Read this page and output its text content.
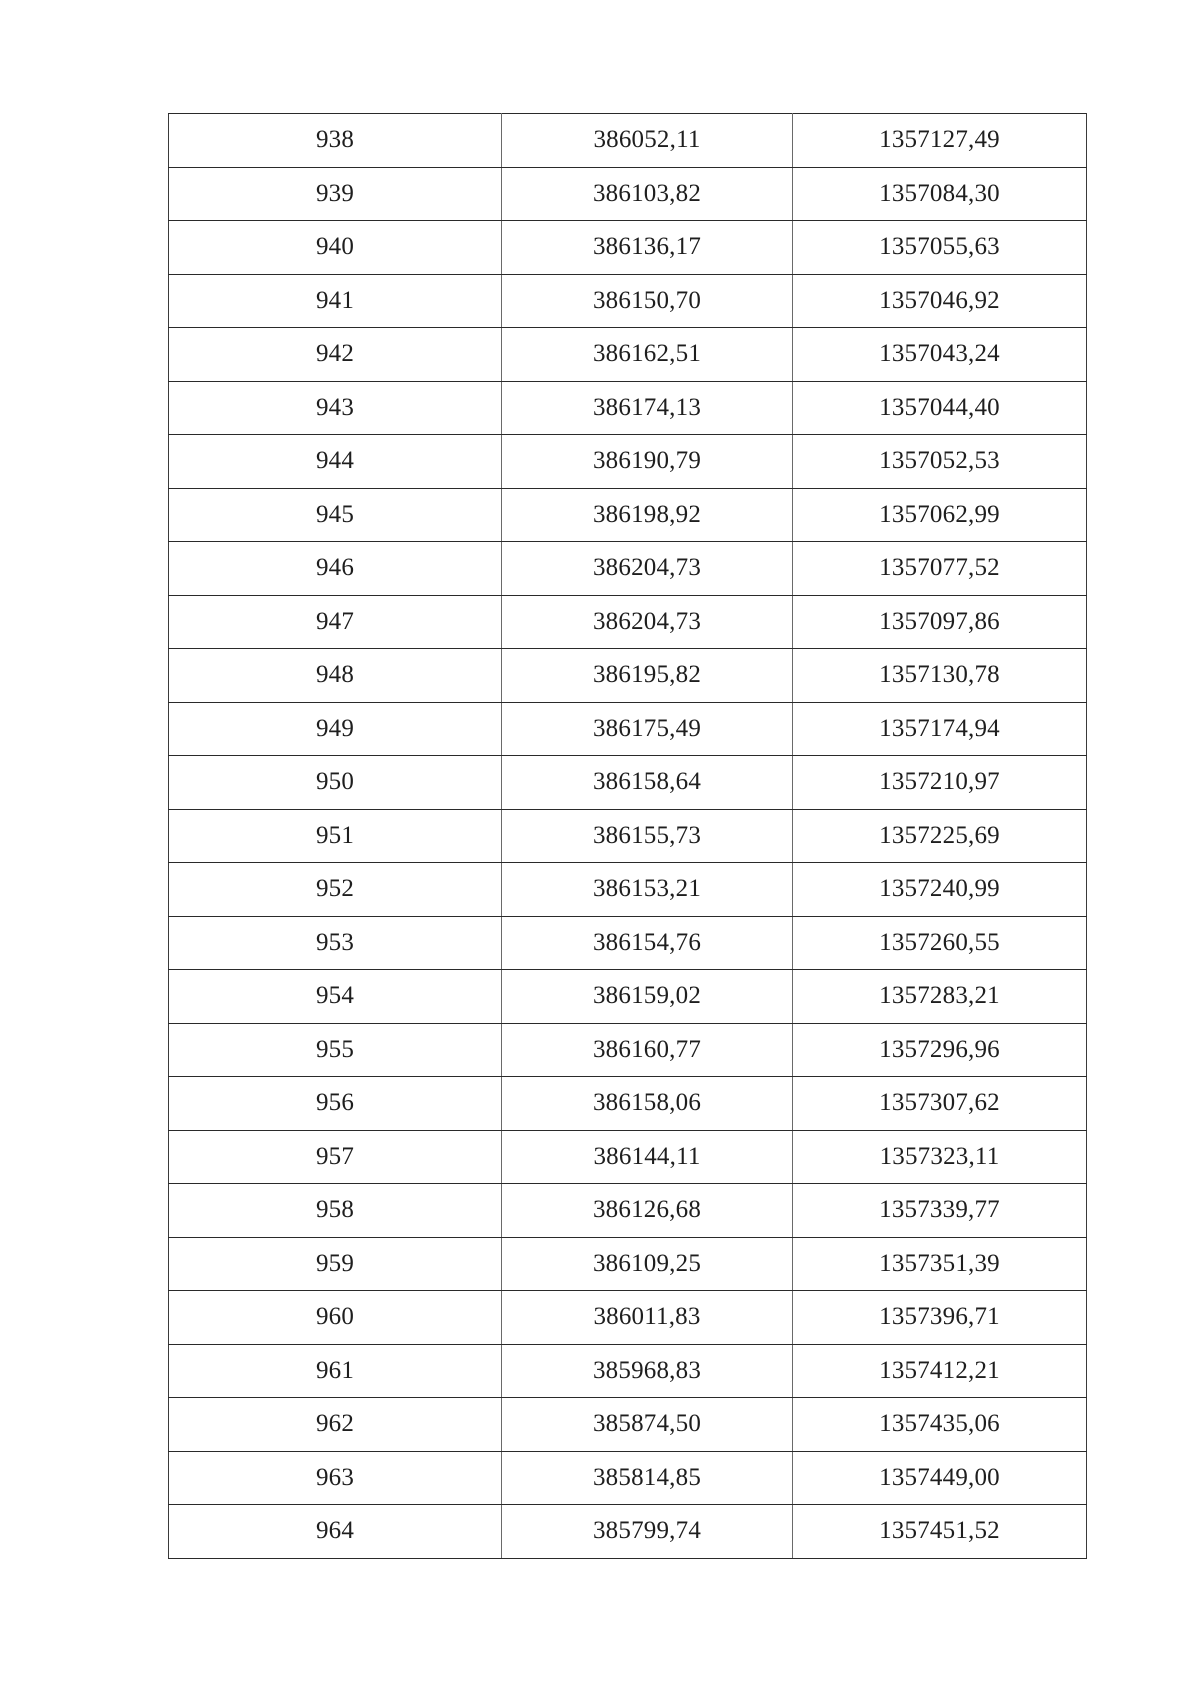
938	386052,11	1357127,49
939	386103,82	1357084,30
940	386136,17	1357055,63
941	386150,70	1357046,92
942	386162,51	1357043,24
943	386174,13	1357044,40
944	386190,79	1357052,53
945	386198,92	1357062,99
946	386204,73	1357077,52
947	386204,73	1357097,86
948	386195,82	1357130,78
949	386175,49	1357174,94
950	386158,64	1357210,97
951	386155,73	1357225,69
952	386153,21	1357240,99
953	386154,76	1357260,55
954	386159,02	1357283,21
955	386160,77	1357296,96
956	386158,06	1357307,62
957	386144,11	1357323,11
958	386126,68	1357339,77
959	386109,25	1357351,39
960	386011,83	1357396,71
961	385968,83	1357412,21
962	385874,50	1357435,06
963	385814,85	1357449,00
964	385799,74	1357451,52
